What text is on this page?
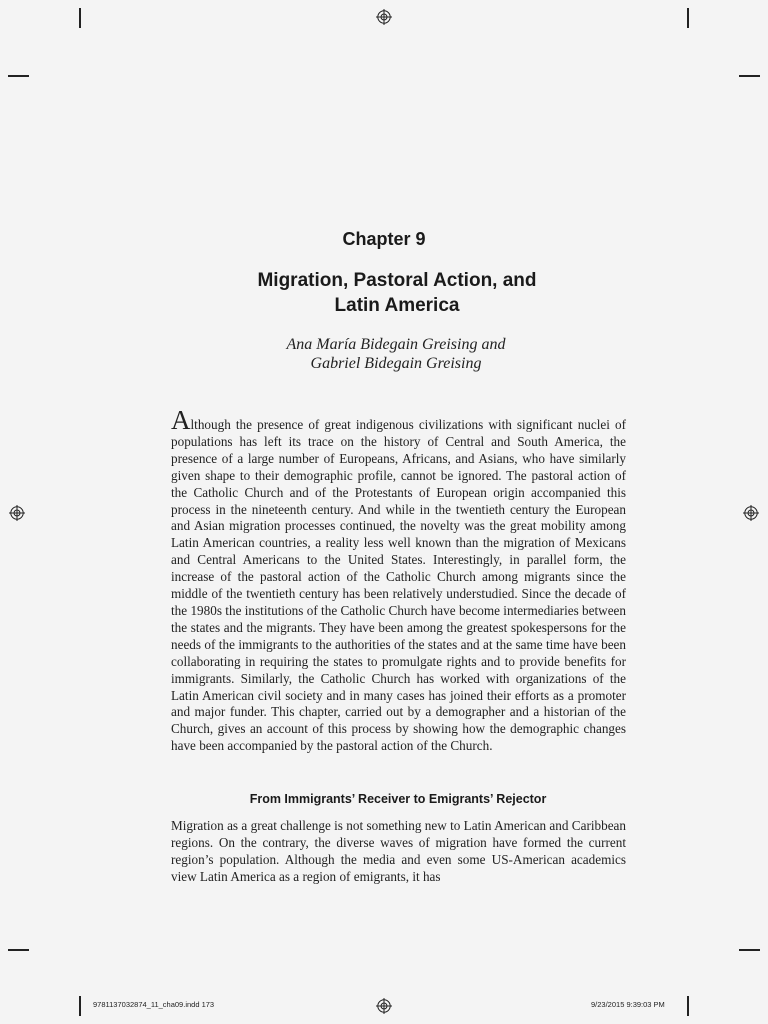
Chapter 9
Migration, Pastoral Action, and
Latin America
Ana María Bidegain Greising and
Gabriel Bidegain Greising
Although the presence of great indigenous civilizations with significant nuclei of populations has left its trace on the history of Central and South America, the presence of a large number of Europeans, Africans, and Asians, who have similarly given shape to their demographic profile, cannot be ignored. The pastoral action of the Catholic Church and of the Protestants of European origin accompanied this process in the nineteenth century. And while in the twentieth century the European and Asian migration processes continued, the novelty was the great mobility among Latin American countries, a reality less well known than the migration of Mexicans and Central Americans to the United States. Interestingly, in parallel form, the increase of the pastoral action of the Catholic Church among migrants since the middle of the twentieth century has been relatively understudied. Since the decade of the 1980s the institutions of the Catholic Church have become intermediaries between the states and the migrants. They have been among the greatest spokespersons for the needs of the immigrants to the authorities of the states and at the same time have been collaborating in requiring the states to promulgate rights and to provide benefits for immigrants. Similarly, the Catholic Church has worked with organizations of the Latin American civil society and in many cases has joined their efforts as a promoter and major funder. This chapter, carried out by a demographer and a historian of the Church, gives an account of this process by showing how the demographic changes have been accompanied by the pastoral action of the Church.
From Immigrants’ Receiver to Emigrants’ Rejector
Migration as a great challenge is not something new to Latin American and Caribbean regions. On the contrary, the diverse waves of migration have formed the current region’s population. Although the media and even some US-American academics view Latin America as a region of emigrants, it has
9781137032874_11_cha09.indd 173	9/23/2015 9:39:03 PM
